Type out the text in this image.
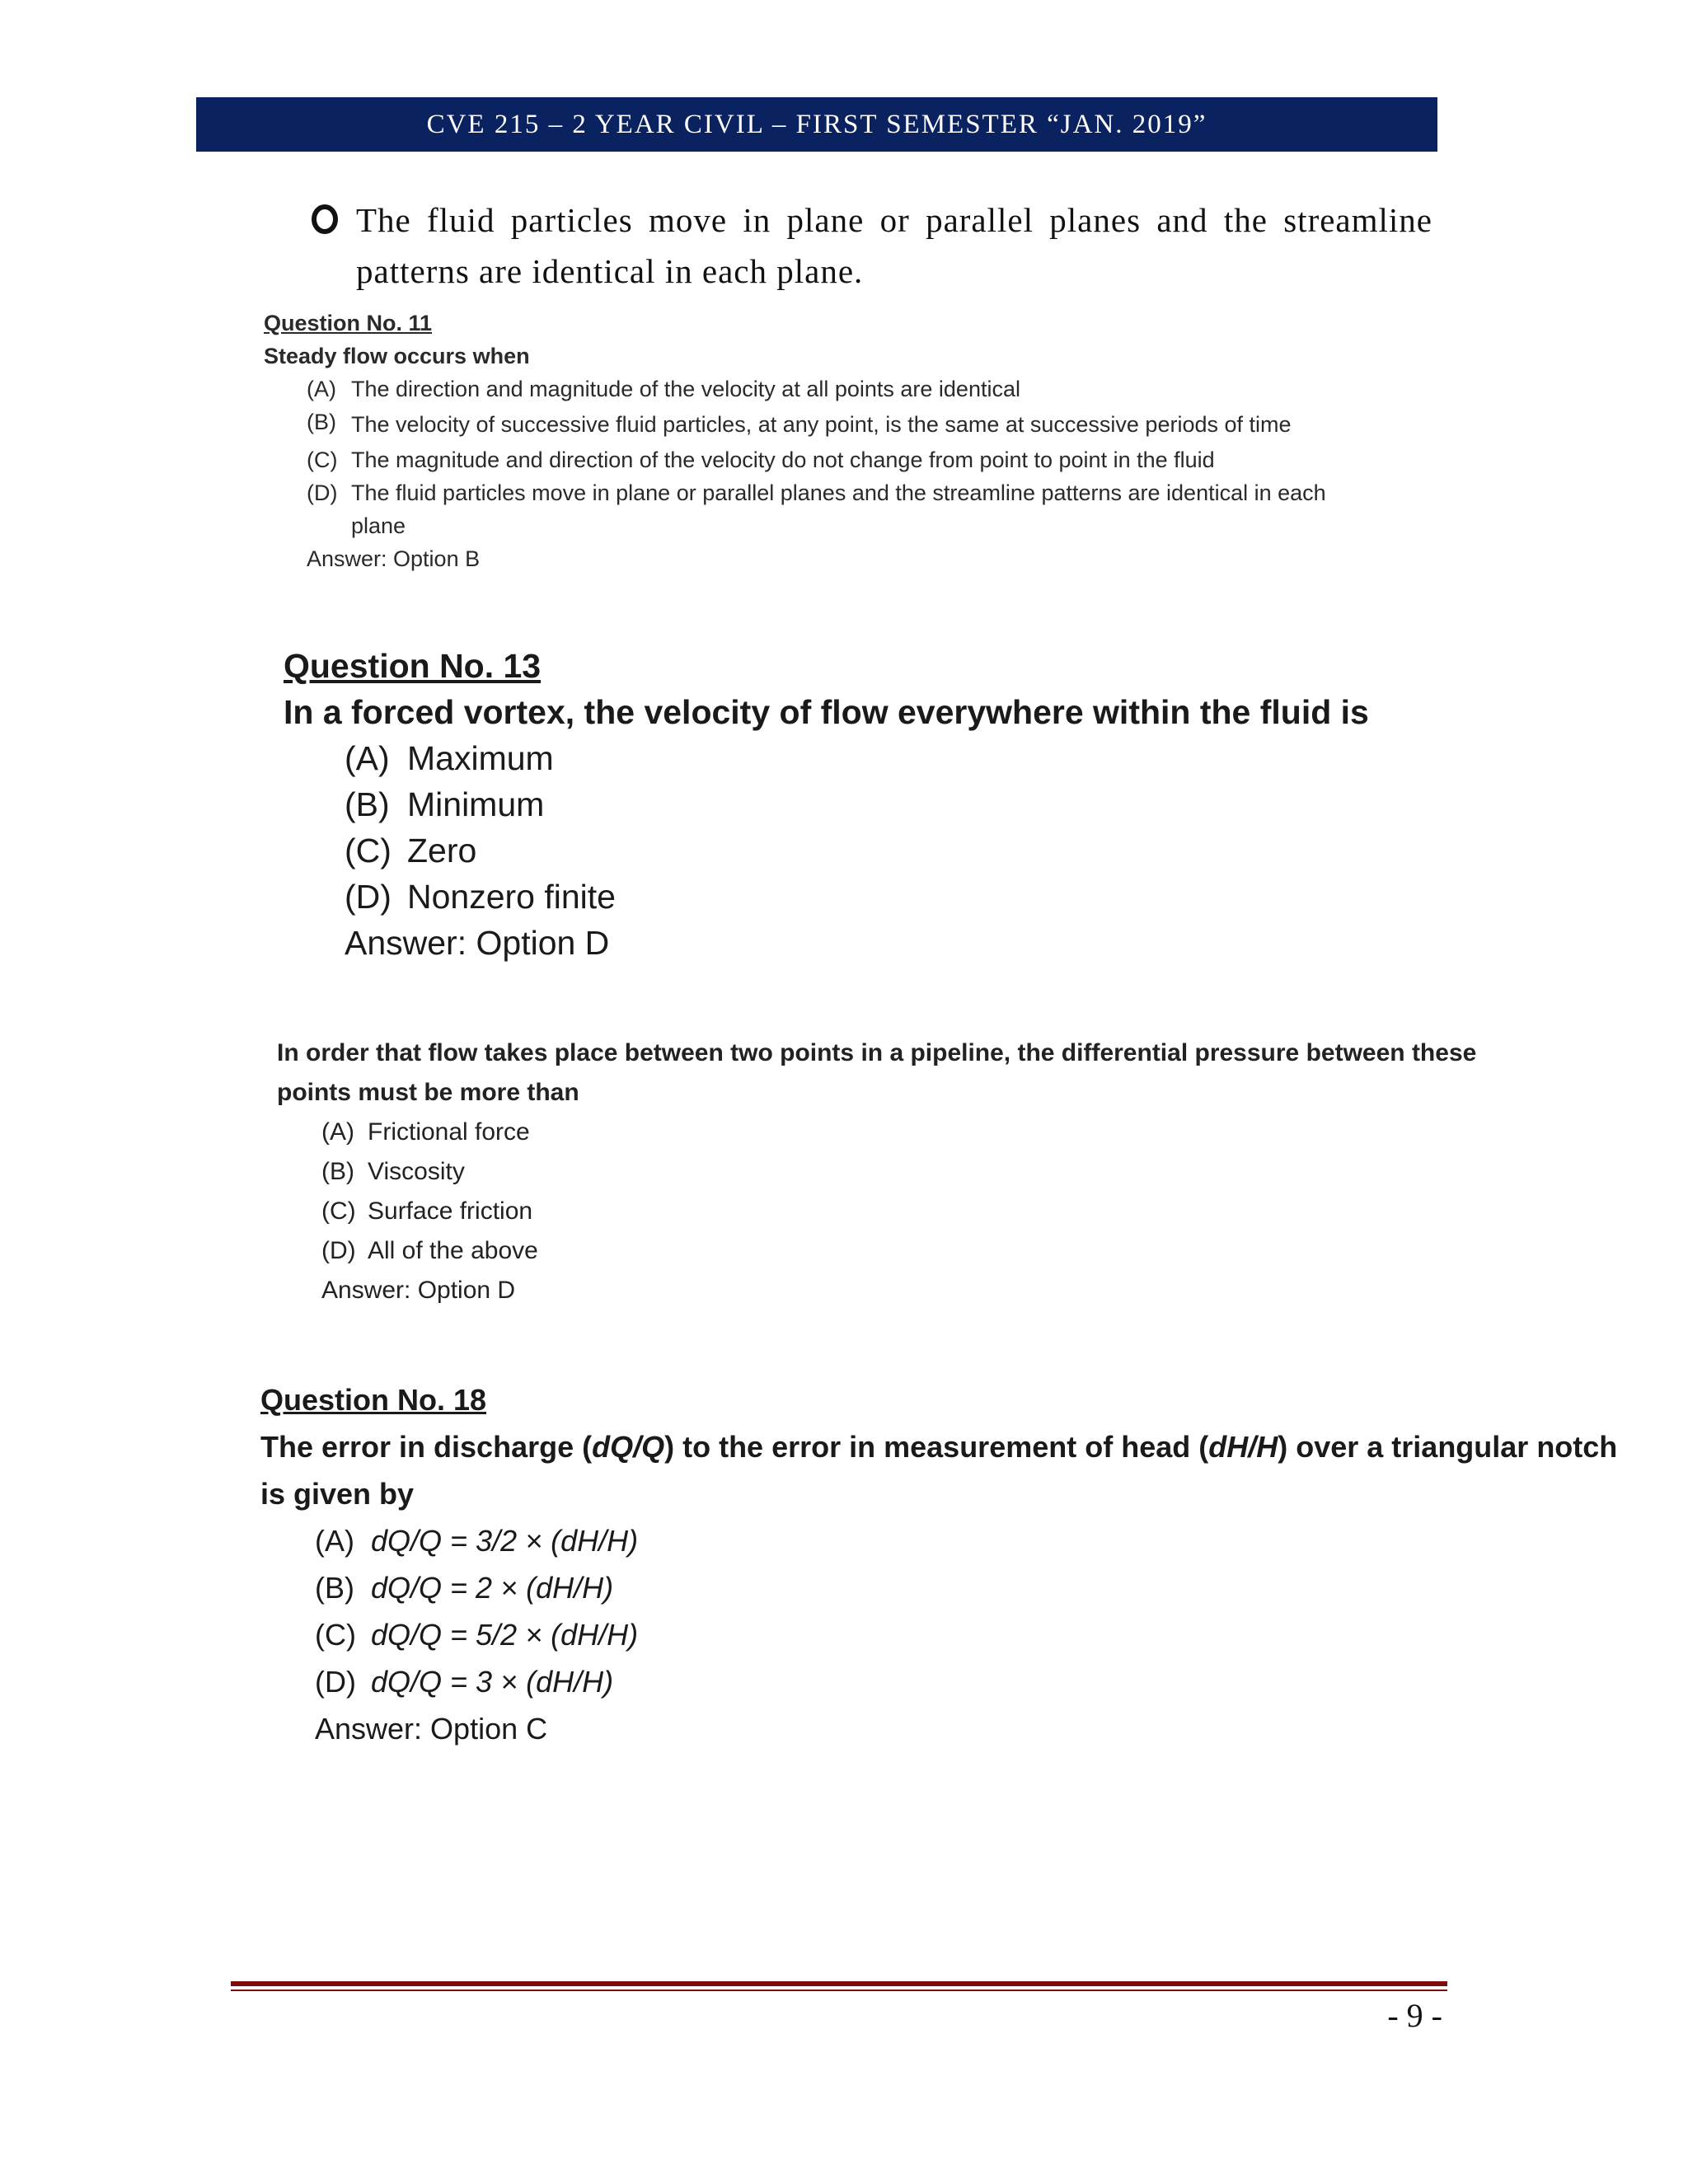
CVE 215 – 2 YEAR CIVIL – FIRST SEMESTER “JAN. 2019”
The fluid particles move in plane or parallel planes and the streamline patterns are identical in each plane.
Question No. 11
Steady flow occurs when
(A) The direction and magnitude of the velocity at all points are identical
(B) The velocity of successive fluid particles, at any point, is the same at successive periods of time
(C) The magnitude and direction of the velocity do not change from point to point in the fluid
(D) The fluid particles move in plane or parallel planes and the streamline patterns are identical in each plane
Answer: Option B
Question No. 13
In a forced vortex, the velocity of flow everywhere within the fluid is
(A) Maximum
(B) Minimum
(C) Zero
(D) Nonzero finite
Answer: Option D
In order that flow takes place between two points in a pipeline, the differential pressure between these points must be more than
(A) Frictional force
(B) Viscosity
(C) Surface friction
(D) All of the above
Answer: Option D
Question No. 18
The error in discharge (dQ/Q) to the error in measurement of head (dH/H) over a triangular notch is given by
(A) dQ/Q = 3/2 × (dH/H)
(B) dQ/Q = 2 × (dH/H)
(C) dQ/Q = 5/2 × (dH/H)
(D) dQ/Q = 3 × (dH/H)
Answer: Option C
- 9 -
